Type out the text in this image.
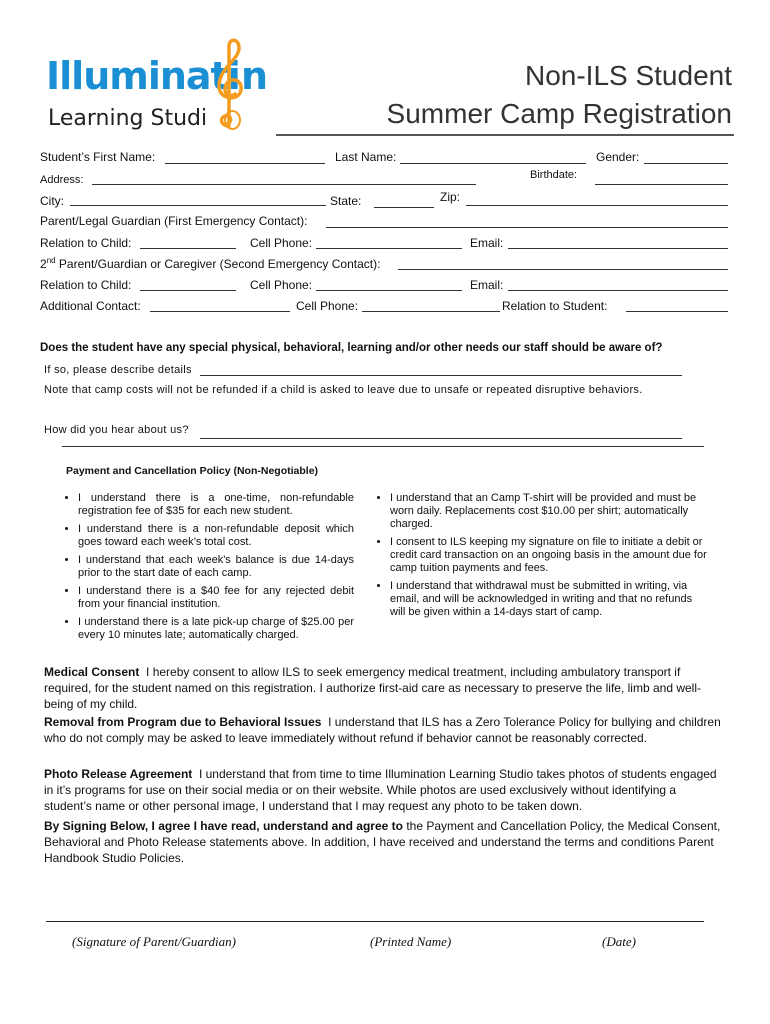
Illuminati n
Learning Studi
Non-ILS Student
Summer Camp Registration
Student’s First Name:	Last Name:	Gender:
Address:	Birthdate:
City:	State:	Zip:
Parent/Legal Guardian (First Emergency Contact):
Relation to Child:	Cell Phone:	Email:
2nd Parent/Guardian or Caregiver (Second Emergency Contact):
Relation to Child:	Cell Phone:	Email:
Additional Contact:	Cell Phone:	Relation to Student:
Does the student have any special physical, behavioral, learning and/or other needs our staff should be aware of?
If so, please describe details
Note that camp costs will not be refunded if a child is asked to leave due to unsafe or repeated disruptive behaviors.
How did you hear about us?
Payment and Cancellation Policy (Non-Negotiable)
• I understand there is a one-time, non-refundable registration fee of $35 for each new student.
• I understand there is a non-refundable deposit which goes toward each week’s total cost.
• I understand that each week's balance is due 14-days prior to the start date of each camp.
• I understand there is a $40 fee for any rejected debit from your financial institution.
• I understand there is a late pick-up charge of $25.00 per every 10 minutes late; automatically charged.
• I understand that an Camp T-shirt will be provided and must be worn daily. Replacements cost $10.00 per shirt; automatically charged.
• I consent to ILS keeping my signature on file to initiate a debit or credit card transaction on an ongoing basis in the amount due for camp tuition payments and fees.
• I understand that withdrawal must be submitted in writing, via email, and will be acknowledged in writing and that no refunds will be given within a 14-days start of camp.
Medical Consent I hereby consent to allow ILS to seek emergency medical treatment, including ambulatory transport if required, for the student named on this registration. I authorize first-aid care as necessary to preserve the life, limb and well-being of my child.
Removal from Program due to Behavioral Issues I understand that ILS has a Zero Tolerance Policy for bullying and children who do not comply may be asked to leave immediately without refund if behavior cannot be reasonably corrected.
Photo Release Agreement I understand that from time to time Illumination Learning Studio takes photos of students engaged in it’s programs for use on their social media or on their website. While photos are used exclusively without identifying a student’s name or other personal image, I understand that I may request any photo to be taken down.
By Signing Below, I agree I have read, understand and agree to the Payment and Cancellation Policy, the Medical Consent, Behavioral and Photo Release statements above. In addition, I have received and understand the terms and conditions Parent Handbook Studio Policies.
(Signature of Parent/Guardian)	(Printed Name)	(Date)
